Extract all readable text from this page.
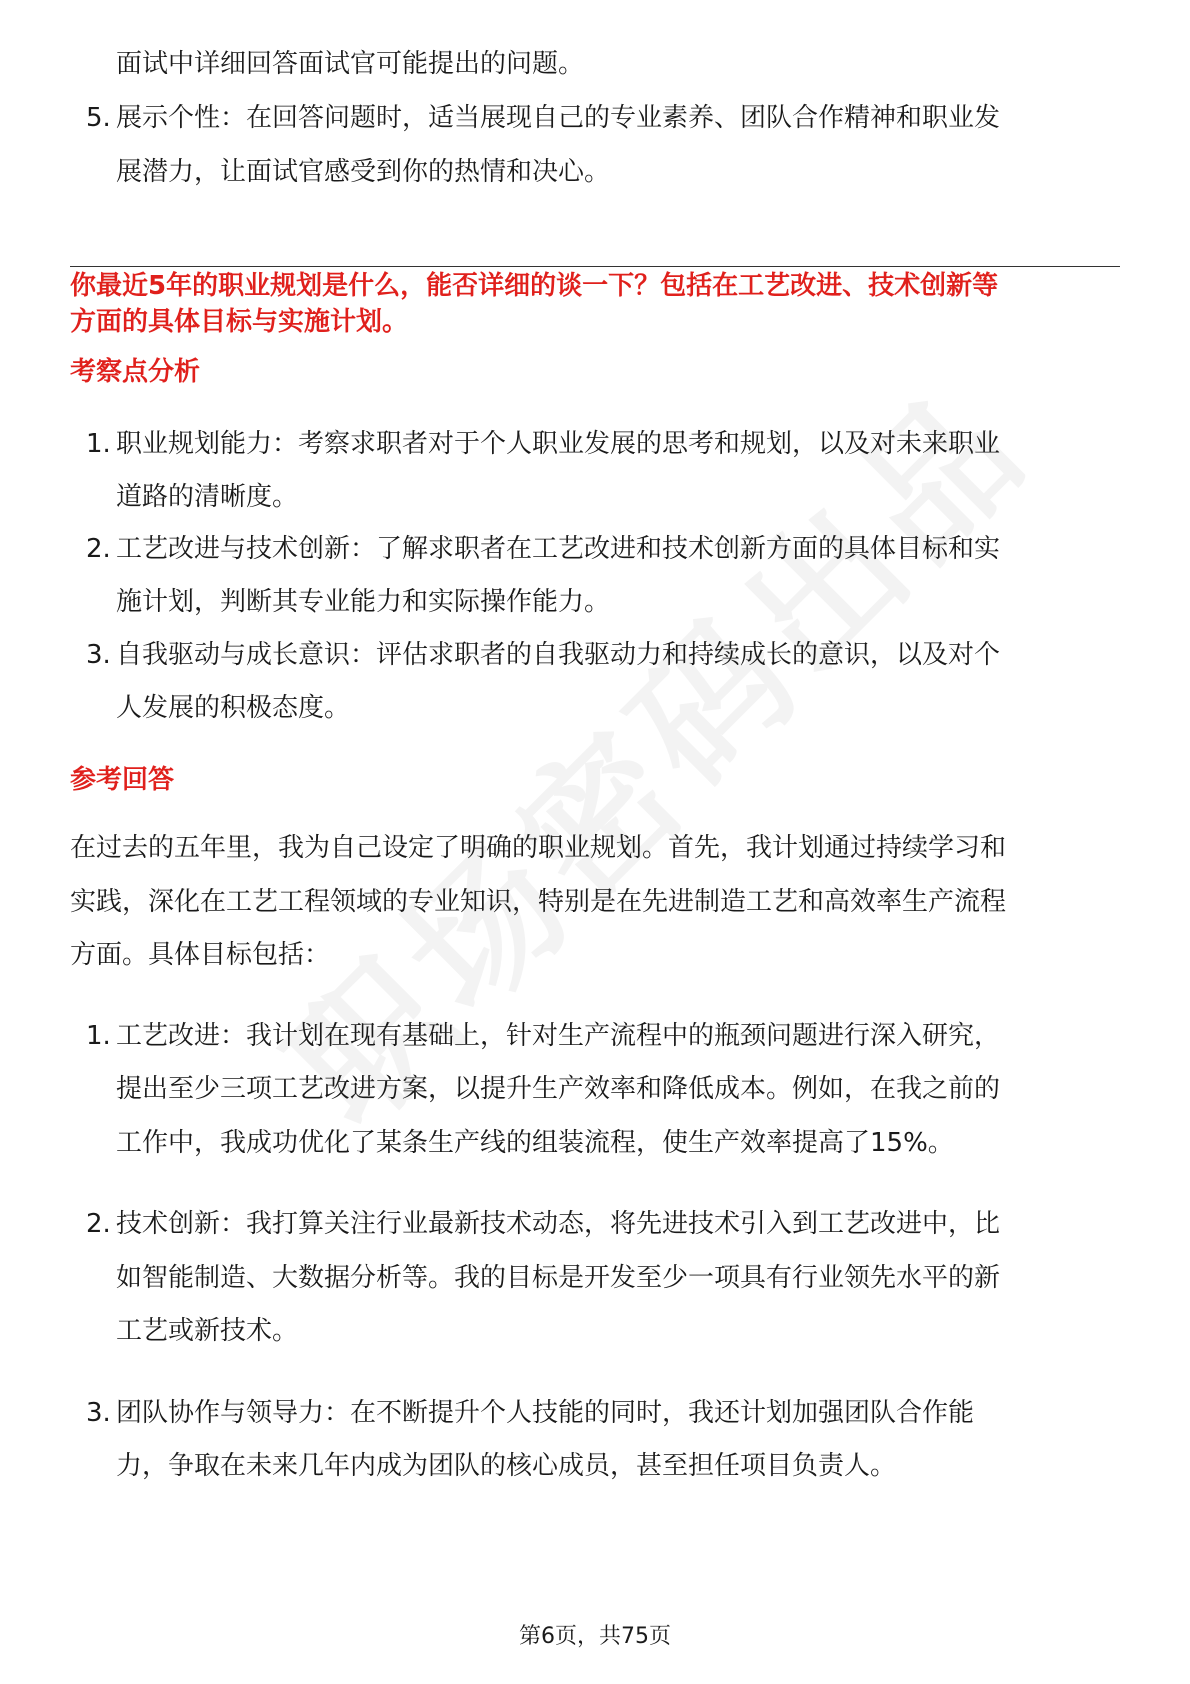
面试中详细回答面试官可能提出的问题。
5. 展示个性：在回答问题时，适当展现自己的专业素养、团队合作精神和职业发
展潜力，让面试官感受到你的热情和决心。
你最近5年的职业规划是什么，能否详细的谈一下？包括在工艺改进、技术创新等
方面的具体目标与实施计划。
考察点分析
1. 职业规划能力：考察求职者对于个人职业发展的思考和规划，以及对未来职业
道路的清晰度。
2. 工艺改进与技术创新：了解求职者在工艺改进和技术创新方面的具体目标和实
施计划，判断其专业能力和实际操作能力。
3. 自我驱动与成长意识：评估求职者的自我驱动力和持续成长的意识，以及对个
人发展的积极态度。
参考回答
在过去的五年里，我为自己设定了明确的职业规划。首先，我计划通过持续学习和
实践，深化在工艺工程领域的专业知识，特别是在先进制造工艺和高效率生产流程
方面。具体目标包括：
1. 工艺改进：我计划在现有基础上，针对生产流程中的瓶颈问题进行深入研究，
提出至少三项工艺改进方案，以提升生产效率和降低成本。例如，在我之前的
工作中，我成功优化了某条生产线的组装流程，使生产效率提高了15%。
2. 技术创新：我打算关注行业最新技术动态，将先进技术引入到工艺改进中，比
如智能制造、大数据分析等。我的目标是开发至少一项具有行业领先水平的新
工艺或新技术。
3. 团队协作与领导力：在不断提升个人技能的同时，我还计划加强团队合作能
力，争取在未来几年内成为团队的核心成员，甚至担任项目负责人。
第6页，共75页
